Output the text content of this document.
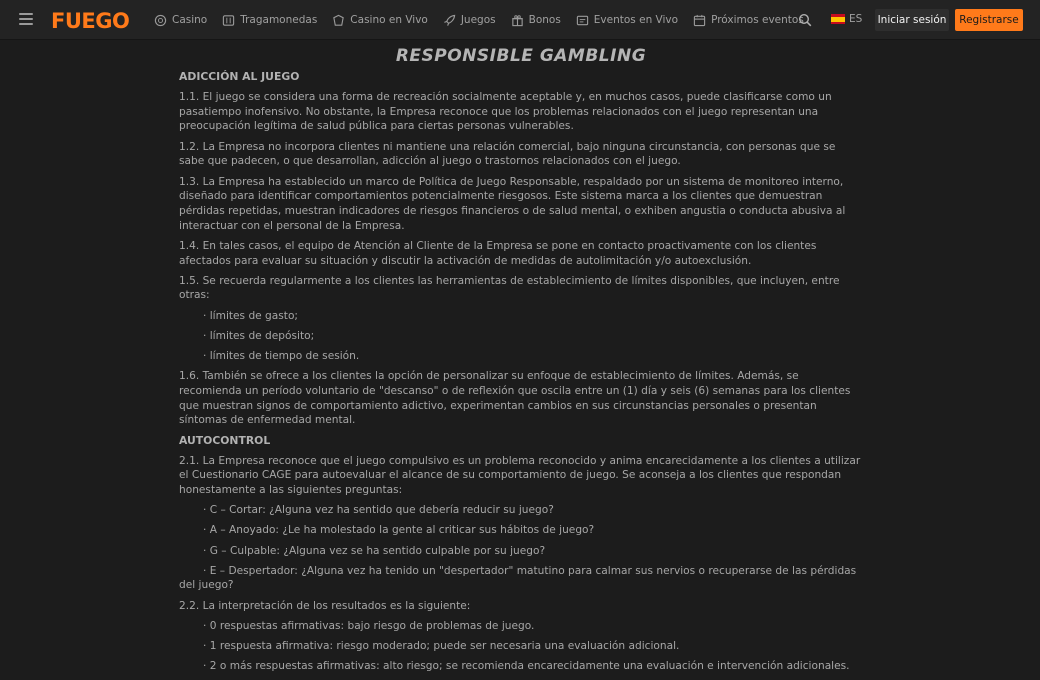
FUEGO	Casino	Tragamonedas	Casino en Vivo	Juegos	Bonos	Eventos en Vivo	Próximos eventos	ES Iniciar sesión	Registrarse
RESPONSIBLE GAMBLING
ADICCIÓN AL JUEGO
1.1. El juego se considera una forma de recreación socialmente aceptable y, en muchos casos, puede clasificarse como un pasatiempo inofensivo. No obstante, la Empresa reconoce que los problemas relacionados con el juego representan una preocupación legítima de salud pública para ciertas personas vulnerables.
1.2. La Empresa no incorpora clientes ni mantiene una relación comercial, bajo ninguna circunstancia, con personas que se sabe que padecen, o que desarrollan, adicción al juego o trastornos relacionados con el juego.
1.3. La Empresa ha establecido un marco de Política de Juego Responsable, respaldado por un sistema de monitoreo interno, diseñado para identificar comportamientos potencialmente riesgosos. Este sistema marca a los clientes que demuestran pérdidas repetidas, muestran indicadores de riesgos financieros o de salud mental, o exhiben angustia o conducta abusiva al interactuar con el personal de la Empresa.
1.4. En tales casos, el equipo de Atención al Cliente de la Empresa se pone en contacto proactivamente con los clientes afectados para evaluar su situación y discutir la activación de medidas de autolimitación y/o autoexclusión.
1.5. Se recuerda regularmente a los clientes las herramientas de establecimiento de límites disponibles, que incluyen, entre otras:
· límites de gasto;
· límites de depósito;
· límites de tiempo de sesión.
1.6. También se ofrece a los clientes la opción de personalizar su enfoque de establecimiento de límites. Además, se recomienda un período voluntario de "descanso" o de reflexión que oscila entre un (1) día y seis (6) semanas para los clientes que muestran signos de comportamiento adictivo, experimentan cambios en sus circunstancias personales o presentan síntomas de enfermedad mental.
AUTOCONTROL
2.1. La Empresa reconoce que el juego compulsivo es un problema reconocido y anima encarecidamente a los clientes a utilizar el Cuestionario CAGE para autoevaluar el alcance de su comportamiento de juego. Se aconseja a los clientes que respondan honestamente a las siguientes preguntas:
· C – Cortar: ¿Alguna vez ha sentido que debería reducir su juego?
· A – Anoyado: ¿Le ha molestado la gente al criticar sus hábitos de juego?
· G – Culpable: ¿Alguna vez se ha sentido culpable por su juego?
· E – Despertador: ¿Alguna vez ha tenido un "despertador" matutino para calmar sus nervios o recuperarse de las pérdidas del juego?
2.2. La interpretación de los resultados es la siguiente:
· 0 respuestas afirmativas: bajo riesgo de problemas de juego.
· 1 respuesta afirmativa: riesgo moderado; puede ser necesaria una evaluación adicional.
· 2 o más respuestas afirmativas: alto riesgo; se recomienda encarecidamente una evaluación e intervención adicionales.
